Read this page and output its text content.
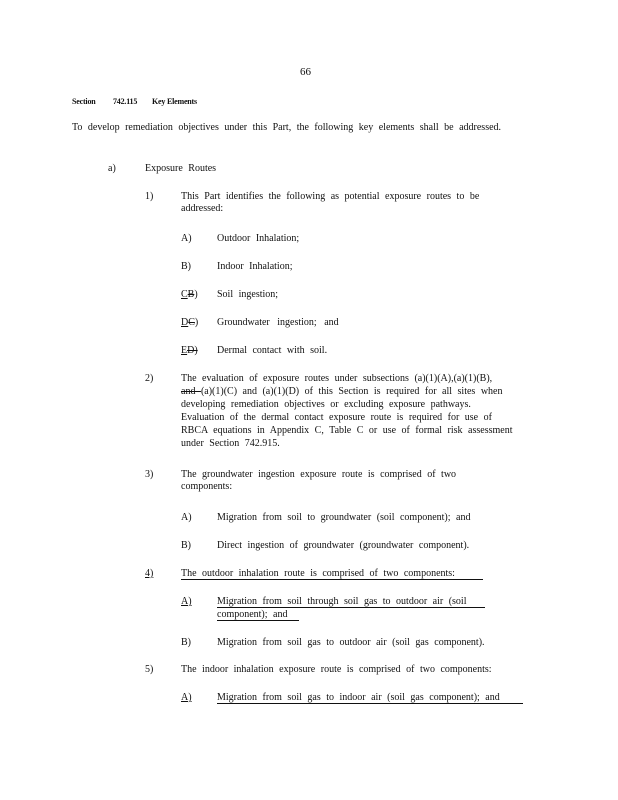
66
Section 742.115 Key Elements
To develop remediation objectives under this Part, the following key elements shall be addressed.
a)	Exposure Routes
1)	This Part identifies the following as potential exposure routes to be addressed:
A)	Outdoor Inhalation;
B)	Indoor Inhalation;
CB) Soil ingestion;
DC) Groundwater ingestion; and
ED) Dermal contact with soil.
2)	The evaluation of exposure routes under subsections (a)(1)(A),(a)(1)(B),
and (a)(1)(C) and (a)(1)(D) of this Section is required for all sites when
developing remediation objectives or excluding exposure pathways.
Evaluation of the dermal contact exposure route is required for use of
RBCA equations in Appendix C, Table C or use of formal risk assessment
under Section 742.915.
3)	The groundwater ingestion exposure route is comprised of two components:
A)	Migration from soil to groundwater (soil component); and
B)	Direct ingestion of groundwater (groundwater component).
4)	The outdoor inhalation route is comprised of two components:
A)	Migration from soil through soil gas to outdoor air (soil
component); and
B)	Migration from soil gas to outdoor air (soil gas component).
5)	The indoor inhalation exposure route is comprised of two components:
A)	Migration from soil gas to indoor air (soil gas component); and
